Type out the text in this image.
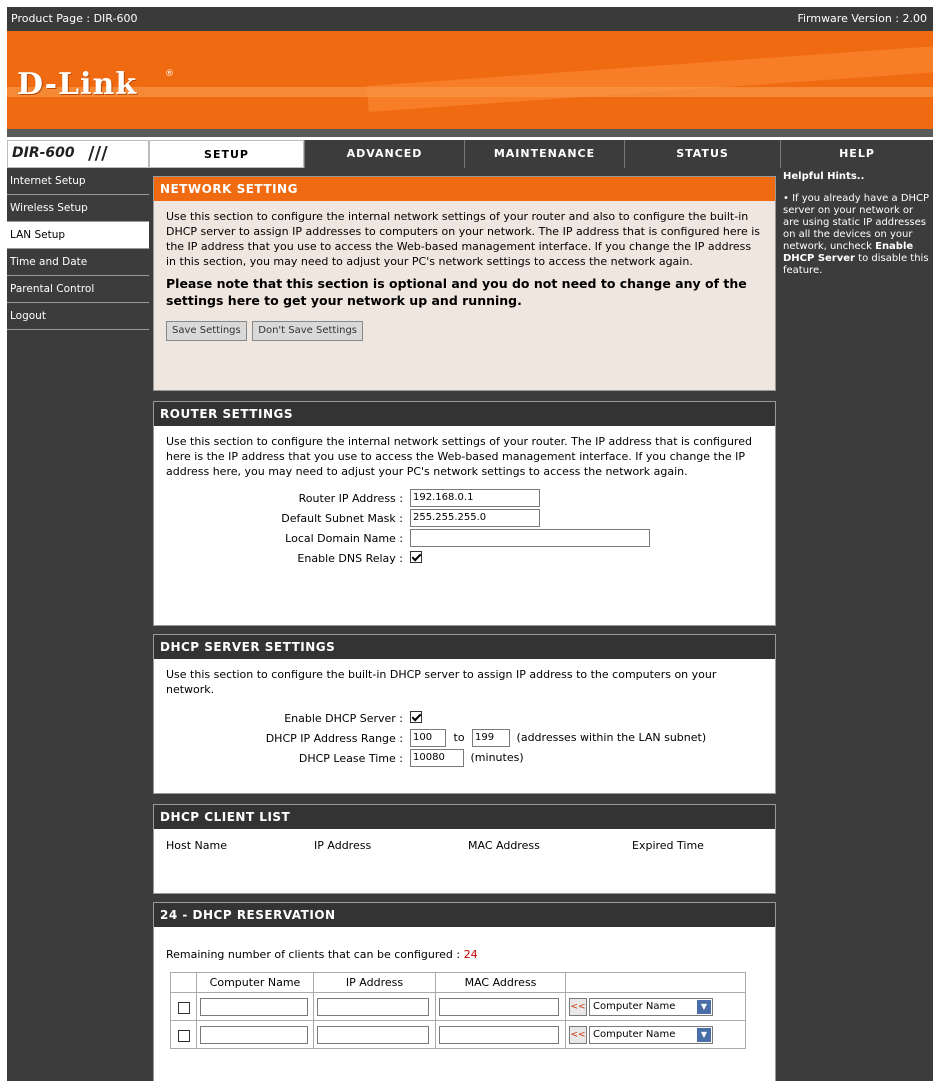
Product Page : DIR-600	Firmware Version : 2.00
D-Link	®
DIR-600 ///	SETUP	ADVANCED	MAINTENANCE	STATUS	HELP
Internet Setup
Wireless Setup
LAN Setup
Time and Date
Parental Control
Logout
Helpful Hints..
• If you already have a DHCP server on your network or are using static IP addresses on all the devices on your network, uncheck Enable DHCP Server to disable this feature.
NETWORK SETTING
Use this section to configure the internal network settings of your router and also to configure the built-in DHCP server to assign IP addresses to computers on your network. The IP address that is configured here is the IP address that you use to access the Web-based management interface. If you change the IP address in this section, you may need to adjust your PC's network settings to access the network again.
Please note that this section is optional and you do not need to change any of the settings here to get your network up and running.
Save Settings Don't Save Settings
ROUTER SETTINGS
Use this section to configure the internal network settings of your router. The IP address that is configured here is the IP address that you use to access the Web-based management interface. If you change the IP address here, you may need to adjust your PC's network settings to access the network again.
Router IP Address :	192.168.0.1
Default Subnet Mask :	255.255.255.0
Local Domain Name :
Enable DNS Relay :
DHCP SERVER SETTINGS
Use this section to configure the built-in DHCP server to assign IP address to the computers on your network.
Enable DHCP Server :
DHCP IP Address Range :	100 to 199 (addresses within the LAN subnet)
DHCP Lease Time :	10080 (minutes)
DHCP CLIENT LIST
Host Name	IP Address	MAC Address	Expired Time
24 - DHCP RESERVATION
Remaining number of clients that can be configured : 24
	Computer Name	IP Address	MAC Address	
				<< Computer Name ▼

				<< Computer Name ▼
